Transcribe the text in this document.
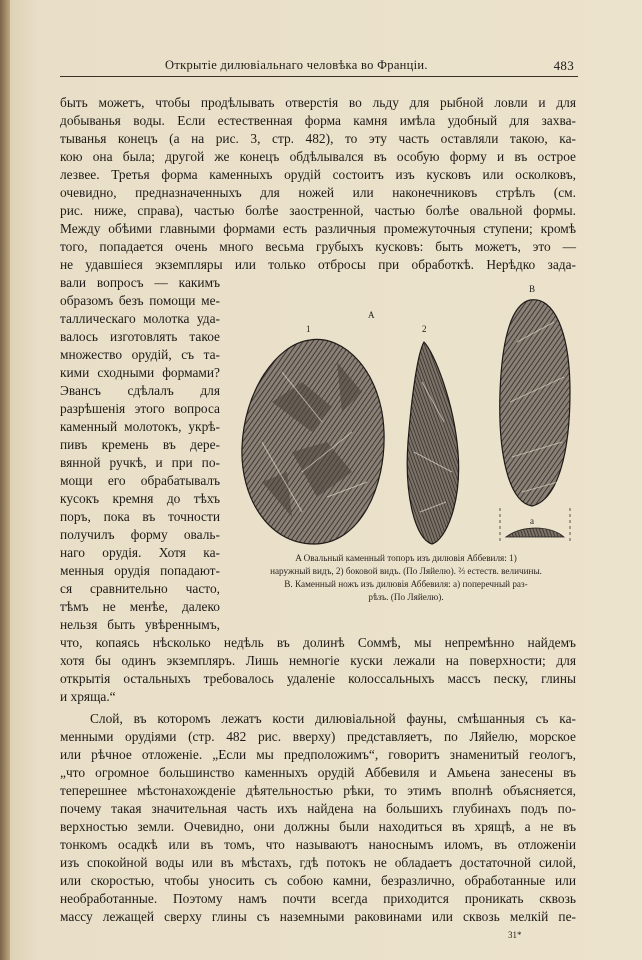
Открытіе дилювіальнаго человѣка во Франціи.	483
быть можетъ, чтобы продѣлывать отверстія во льду для рыбной ловли и для
добыванья воды. Если естественная форма камня имѣла удобный для захва-
тыванья конецъ (а на рис. 3, стр. 482), то эту часть оставляли такою, ка-
кою она была; другой же конецъ обдѣлывался въ особую форму и въ острое
лезвее. Третья форма каменныхъ орудій состоитъ изъ кусковъ или осколковъ,
очевидно, предназначенныхъ для ножей или наконечниковъ стрѣлъ (см.
рис. ниже, справа), частью болѣе заостренной, частью болѣе овальной формы.
Между обѣими главными формами есть различныя промежуточныя ступени; кромѣ
того, попадается очень много весьма грубыхъ кусковъ: быть можетъ, это —
не удавшіеся экземпляры или только отбросы при обработкѣ. Нерѣдко зада-
вали вопросъ — какимъ
образомъ безъ помощи ме-
таллическаго молотка уда-
валось изготовлять такое
множество орудій, съ та-
кими сходными формами?
Эвансъ сдѣлалъ для
разрѣшенія этого вопроса
каменный молотокъ, укрѣ-
пивъ кремень въ дере-
вянной ручкѣ, и при по-
мощи его обрабатывалъ
кусокъ кремня до тѣхъ
поръ, пока въ точности
получилъ форму оваль-
наго орудія. Хотя ка-
менныя орудія попадают-
ся сравнительно часто,
тѣмъ не менѣе, далеко
нельзя быть увѣреннымъ,
A
1	2
B
a
A Овальный каменный топоръ изъ дилювія Аббевиля: 1)
наружный видъ, 2) боковой видъ. (По Ляйелю). ⅔ естеств. величины.
B. Каменный ножъ изъ дилювія Аббевиля: а) поперечный раз-
рѣзъ. (По Ляйелю).
что, копаясь нѣсколько недѣль въ долинѣ Соммѣ, мы непремѣнно найдемъ
хотя бы одинъ экземпляръ. Лишь немногіе куски лежали на поверхности; для
открытія остальныхъ требовалось удаленіе колоссальныхъ массъ песку, глины
и хряща.“
Слой, въ которомъ лежатъ кости дилювіальной фауны, смѣшанныя съ ка-
менными орудіями (стр. 482 рис. вверху) представляетъ, по Ляйелю, морское
или рѣчное отложеніе. „Если мы предположимъ“, говоритъ знаменитый геологъ,
„что огромное большинство каменныхъ орудій Аббевиля и Амьена занесены въ
теперешнее мѣстонахожденіе дѣятельностью рѣки, то этимъ вполнѣ объясняется,
почему такая значительная часть ихъ найдена на большихъ глубинахъ подъ по-
верхностью земли. Очевидно, они должны были находиться въ хрящѣ, а не въ
тонкомъ осадкѣ или въ томъ, что называютъ наноснымъ иломъ, въ отложеніи
изъ спокойной воды или въ мѣстахъ, гдѣ потокъ не обладаетъ достаточной силой,
или скоростью, чтобы уносить съ собою камни, безразлично, обработанные или
необработанные. Поэтому намъ почти всегда приходится проникать сквозь
массу лежащей сверху глины съ наземными раковинами или сквозь мелкій пе-
31*
